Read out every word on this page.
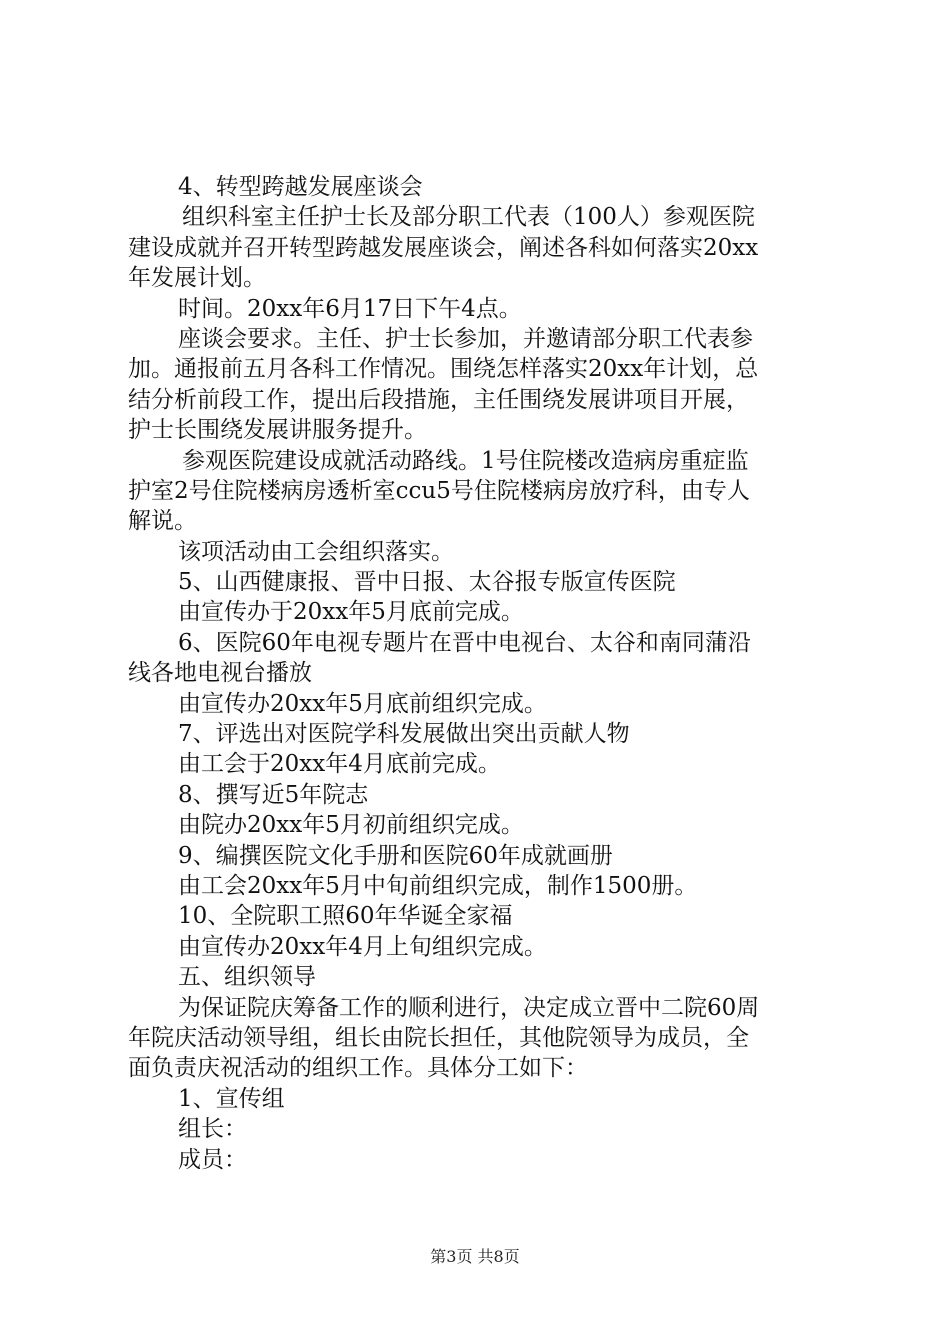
4、转型跨越发展座谈会
组织科室主任护士长及部分职工代表（100人）参观医院
建设成就并召开转型跨越发展座谈会，阐述各科如何落实20xx
年发展计划。
时间。20xx年6月17日下午4点。
座谈会要求。主任、护士长参加，并邀请部分职工代表参
加。通报前五月各科工作情况。围绕怎样落实20xx年计划，总
结分析前段工作，提出后段措施，主任围绕发展讲项目开展，
护士长围绕发展讲服务提升。
参观医院建设成就活动路线。1号住院楼改造病房重症监
护室2号住院楼病房透析室ccu5号住院楼病房放疗科，由专人
解说。
该项活动由工会组织落实。
5、山西健康报、晋中日报、太谷报专版宣传医院
由宣传办于20xx年5月底前完成。
6、医院60年电视专题片在晋中电视台、太谷和南同蒲沿
线各地电视台播放
由宣传办20xx年5月底前组织完成。
7、评选出对医院学科发展做出突出贡献人物
由工会于20xx年4月底前完成。
8、撰写近5年院志
由院办20xx年5月初前组织完成。
9、编撰医院文化手册和医院60年成就画册
由工会20xx年5月中旬前组织完成，制作1500册。
10、全院职工照60年华诞全家福
由宣传办20xx年4月上旬组织完成。
五、组织领导
为保证院庆筹备工作的顺利进行，决定成立晋中二院60周
年院庆活动领导组，组长由院长担任，其他院领导为成员，全
面负责庆祝活动的组织工作。具体分工如下：
1、宣传组
组长：
成员：
第3页 共8页
